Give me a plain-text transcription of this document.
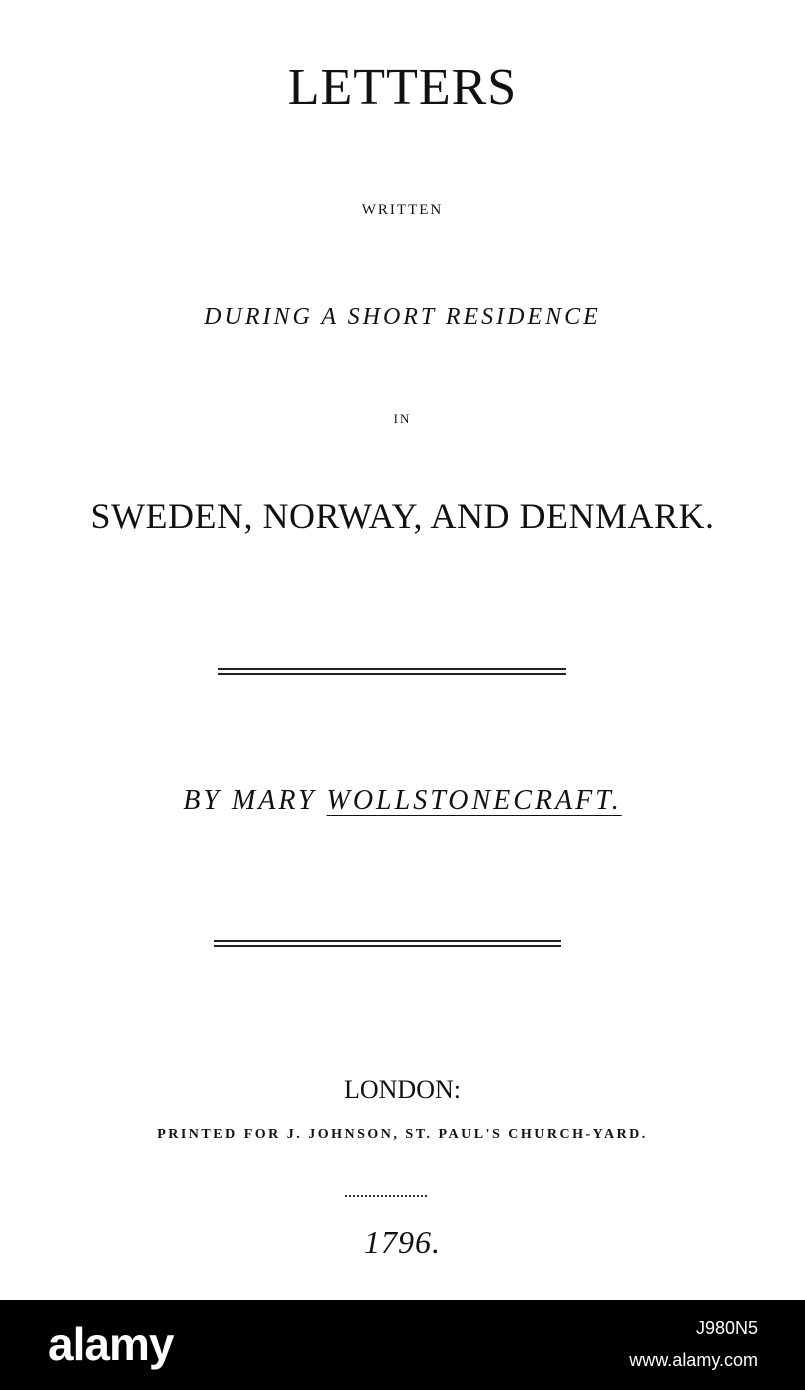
LETTERS
WRITTEN
DURING A SHORT RESIDENCE
IN
SWEDEN, NORWAY, AND DENMARK.
BY MARY WOLLSTONECRAFT.
LONDON:
PRINTED FOR J. JOHNSON, ST. PAUL'S CHURCH-YARD.
1796.
alamy	J980N5
www.alamy.com
